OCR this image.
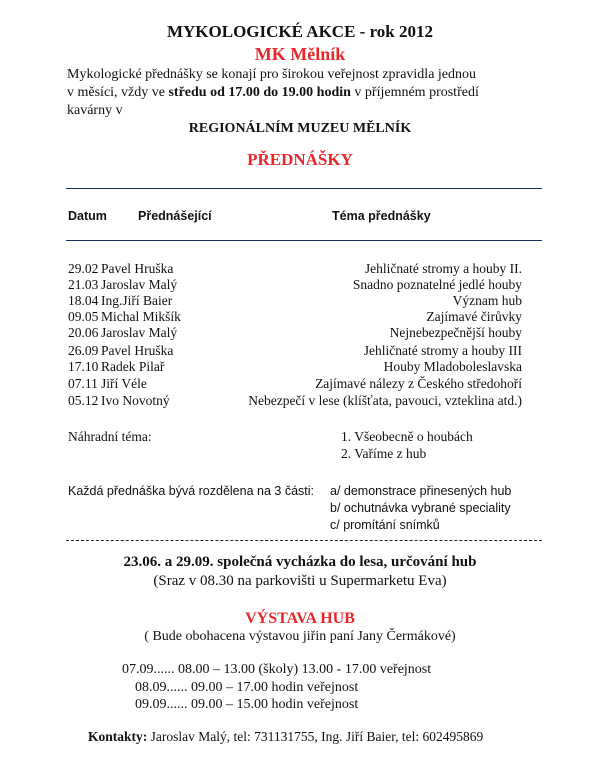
MYKOLOGICKÉ AKCE - rok 2012
MK Mělník
Mykologické přednášky se konají pro širokou veřejnost zpravidla jednou
v měsíci, vždy ve středu od 17.00 do 19.00 hodin v příjemném prostředí
kavárny v
REGIONÁLNÍM MUZEU MĚLNÍK
PŘEDNÁŠKY
Datum Přednášející	Téma přednášky
29.02 Pavel Hruška	Jehličnaté stromy a houby II.
21.03 Jaroslav Malý	Snadno poznatelné jedlé houby
18.04 Ing.Jiří Baier	Význam hub
09.05 Michal Mikšík	Zajímavé čirůvky
20.06 Jaroslav Malý	Nejnebezpečnější houby
26.09 Pavel Hruška	Jehličnaté stromy a houby III
17.10 Radek Pilař	Houby Mladoboleslavska
07.11 Jiří Véle	Zajímavé nálezy z Českého středohoří
05.12 Ivo Novotný	Nebezpečí v lese (klíšťata, pavouci, vzteklina atd.)
Náhradní téma:	1. Všeobecně o houbách
2. Vaříme z hub
Každá přednáška bývá rozdělena na 3 části: a/ demonstrace přinesených hub
b/ ochutnávka vybrané speciality
c/ promítání snímků
23.06. a 29.09. společná vycházka do lesa, určování hub
(Sraz v 08.30 na parkovišti u Supermarketu Eva)
VÝSTAVA HUB
( Bude obohacena výstavou jiřin paní Jany Čermákové)
07.09...... 08.00 – 13.00 (školy) 13.00 - 17.00 veřejnost
08.09...... 09.00 – 17.00 hodin veřejnost
09.09...... 09.00 – 15.00 hodin veřejnost
Kontakty: Jaroslav Malý, tel: 731131755, Ing. Jiří Baier, tel: 602495869
